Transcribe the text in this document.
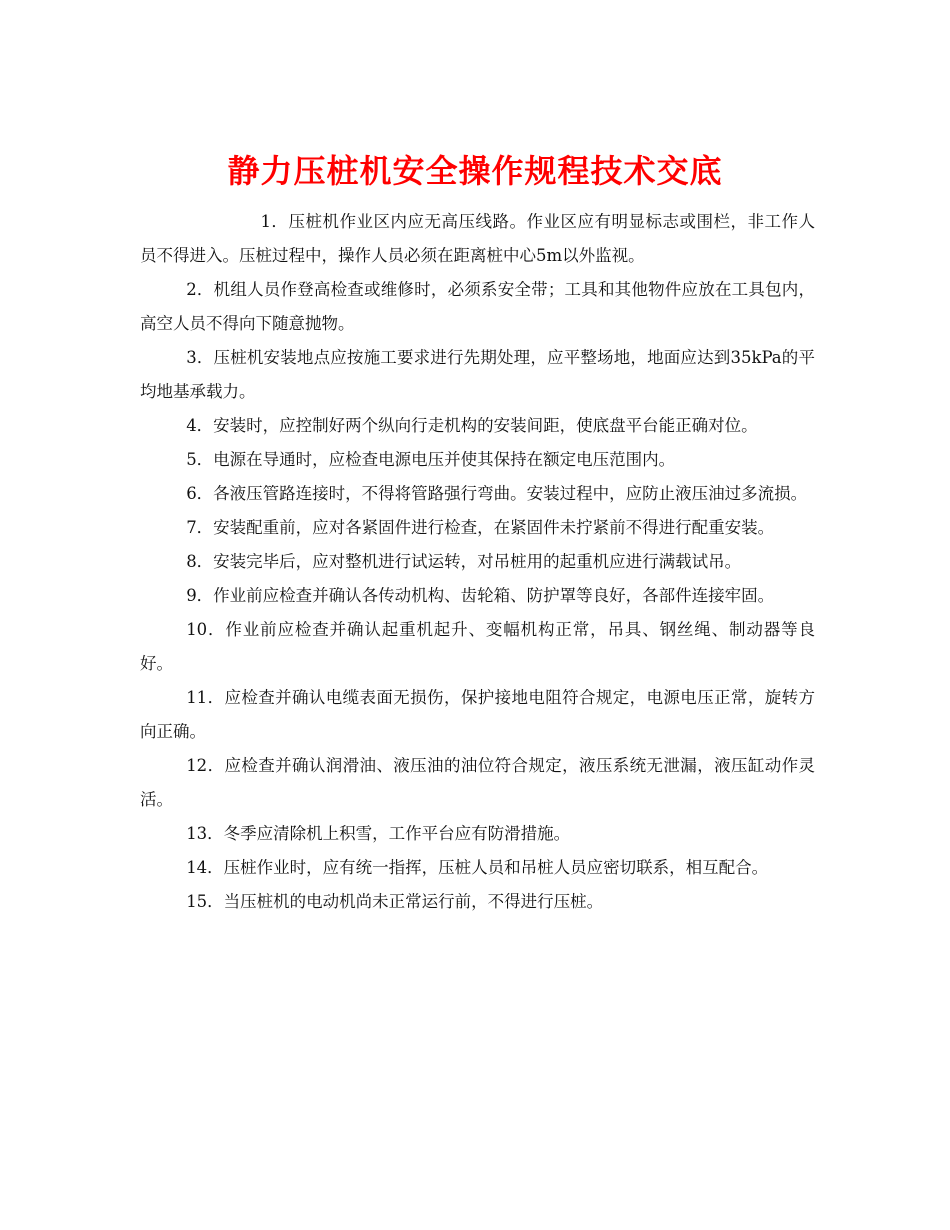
静力压桩机安全操作规程技术交底

1．压桩机作业区内应无高压线路。作业区应有明显标志或围栏，非工作人员不得进入。压桩过程中，操作人员必须在距离桩中心5m以外监视。

2．机组人员作登高检查或维修时，必须系安全带；工具和其他物件应放在工具包内，高空人员不得向下随意抛物。

3．压桩机安装地点应按施工要求进行先期处理，应平整场地，地面应达到35kPa的平均地基承载力。

4．安装时，应控制好两个纵向行走机构的安装间距，使底盘平台能正确对位。

5．电源在导通时，应检查电源电压并使其保持在额定电压范围内。

6．各液压管路连接时，不得将管路强行弯曲。安装过程中，应防止液压油过多流损。

7．安装配重前，应对各紧固件进行检查，在紧固件未拧紧前不得进行配重安装。

8．安装完毕后，应对整机进行试运转，对吊桩用的起重机应进行满载试吊。

9．作业前应检查并确认各传动机构、齿轮箱、防护罩等良好，各部件连接牢固。

10．作业前应检查并确认起重机起升、变幅机构正常，吊具、钢丝绳、制动器等良好。

11．应检查并确认电缆表面无损伤，保护接地电阻符合规定，电源电压正常，旋转方向正确。

12．应检查并确认润滑油、液压油的油位符合规定，液压系统无泄漏，液压缸动作灵活。

13．冬季应清除机上积雪，工作平台应有防滑措施。

14．压桩作业时，应有统一指挥，压桩人员和吊桩人员应密切联系，相互配合。

15．当压桩机的电动机尚未正常运行前，不得进行压桩。
